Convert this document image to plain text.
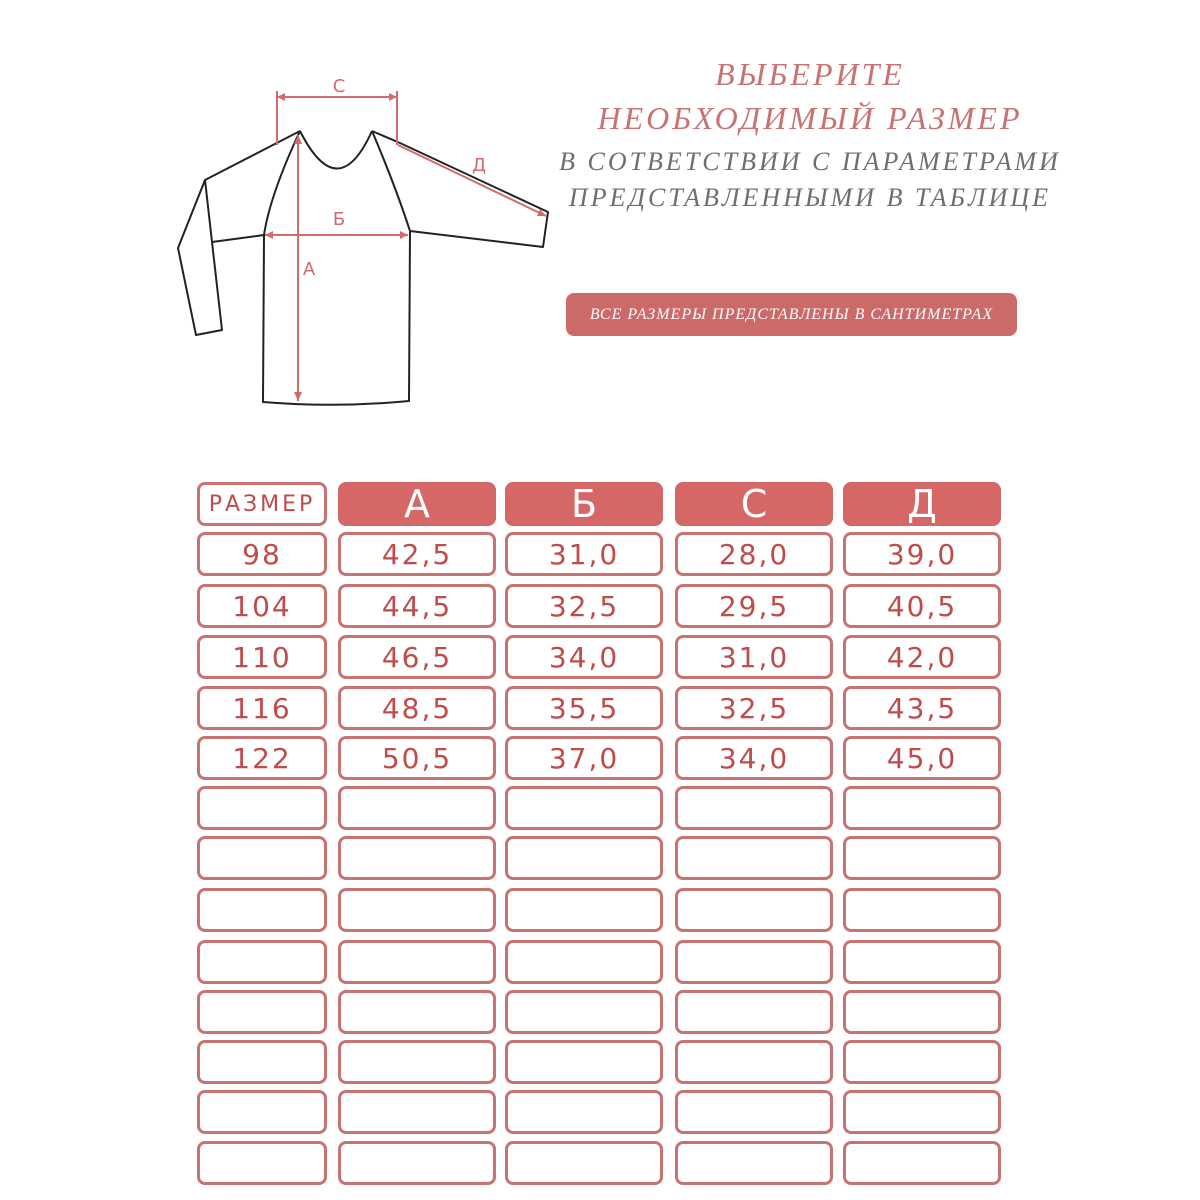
С
Д
Б
А
ВЫБЕРИТЕ
НЕОБХОДИМЫЙ РАЗМЕР
В СОТВЕТСТВИИ С ПАРАМЕТРАМИ
ПРЕДСТАВЛЕННЫМИ В ТАБЛИЦЕ
ВСЕ РАЗМЕРЫ ПРЕДСТАВЛЕНЫ В САНТИМЕТРАХ
РАЗМЕР	А	Б	С	Д
98	42,5	31,0	28,0	39,0
104	44,5	32,5	29,5	40,5
110	46,5	34,0	31,0	42,0
116	48,5	35,5	32,5	43,5
122	50,5	37,0	34,0	45,0
